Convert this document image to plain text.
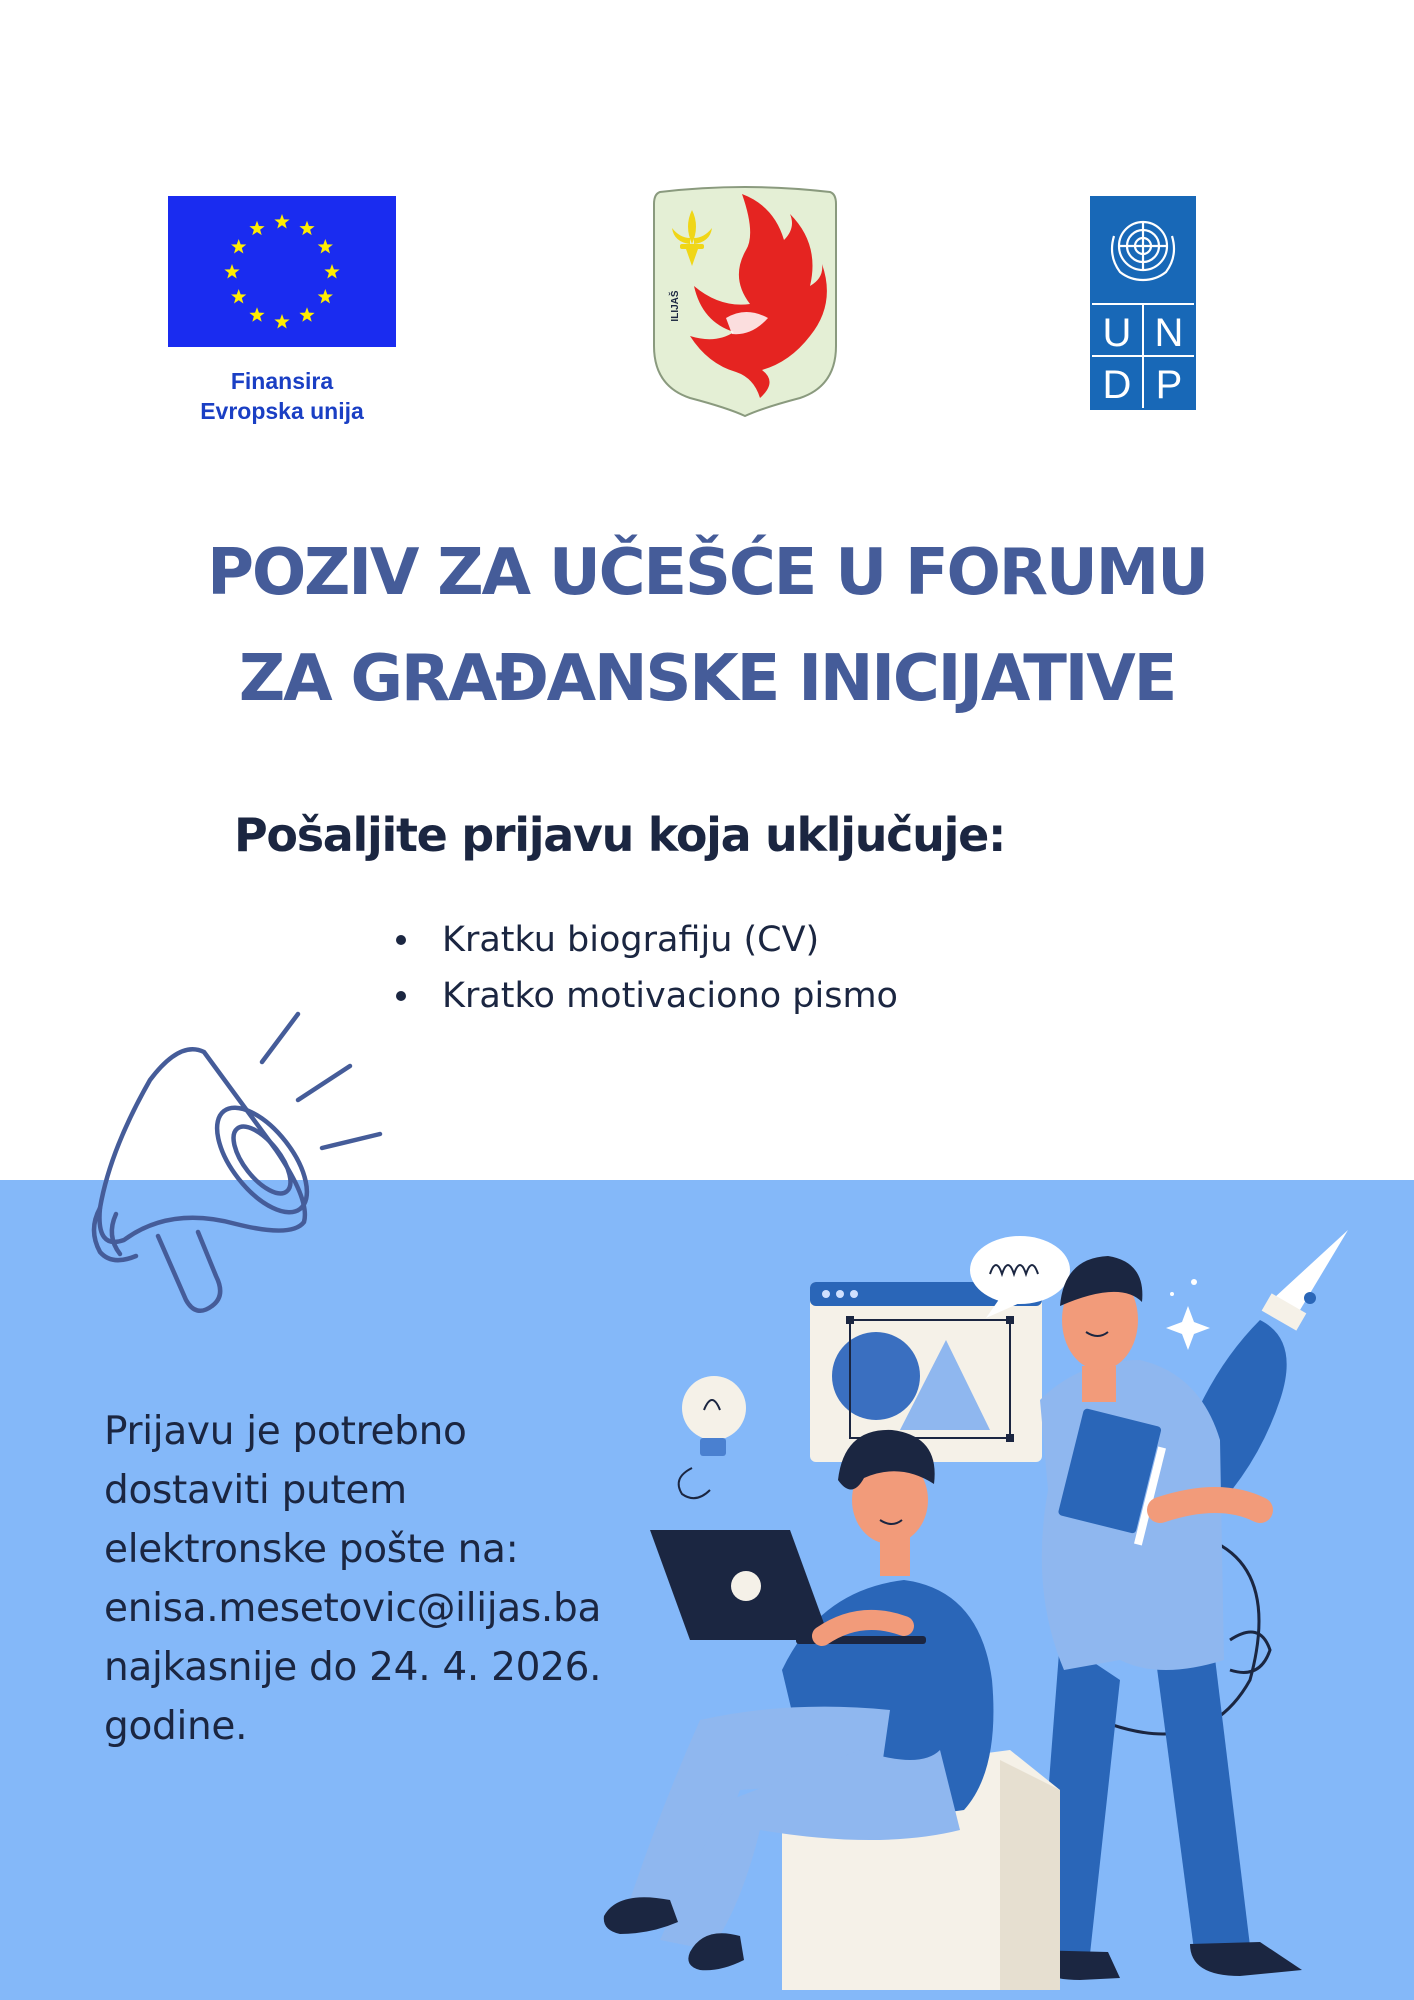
Finansira
Evropska unija
ILIJAŠ
U N
D P
POZIV ZA UČEŠĆE U FORUMU
ZA GRAĐANSKE INICIJATIVE
Pošaljite prijavu koja uključuje:
Kratku biografiju (CV)
Kratko motivaciono pismo
Prijavu je potrebno
dostaviti putem
elektronske pošte na:
enisa.mesetovic@ilijas.ba
najkasnije do 24. 4. 2026.
godine.
